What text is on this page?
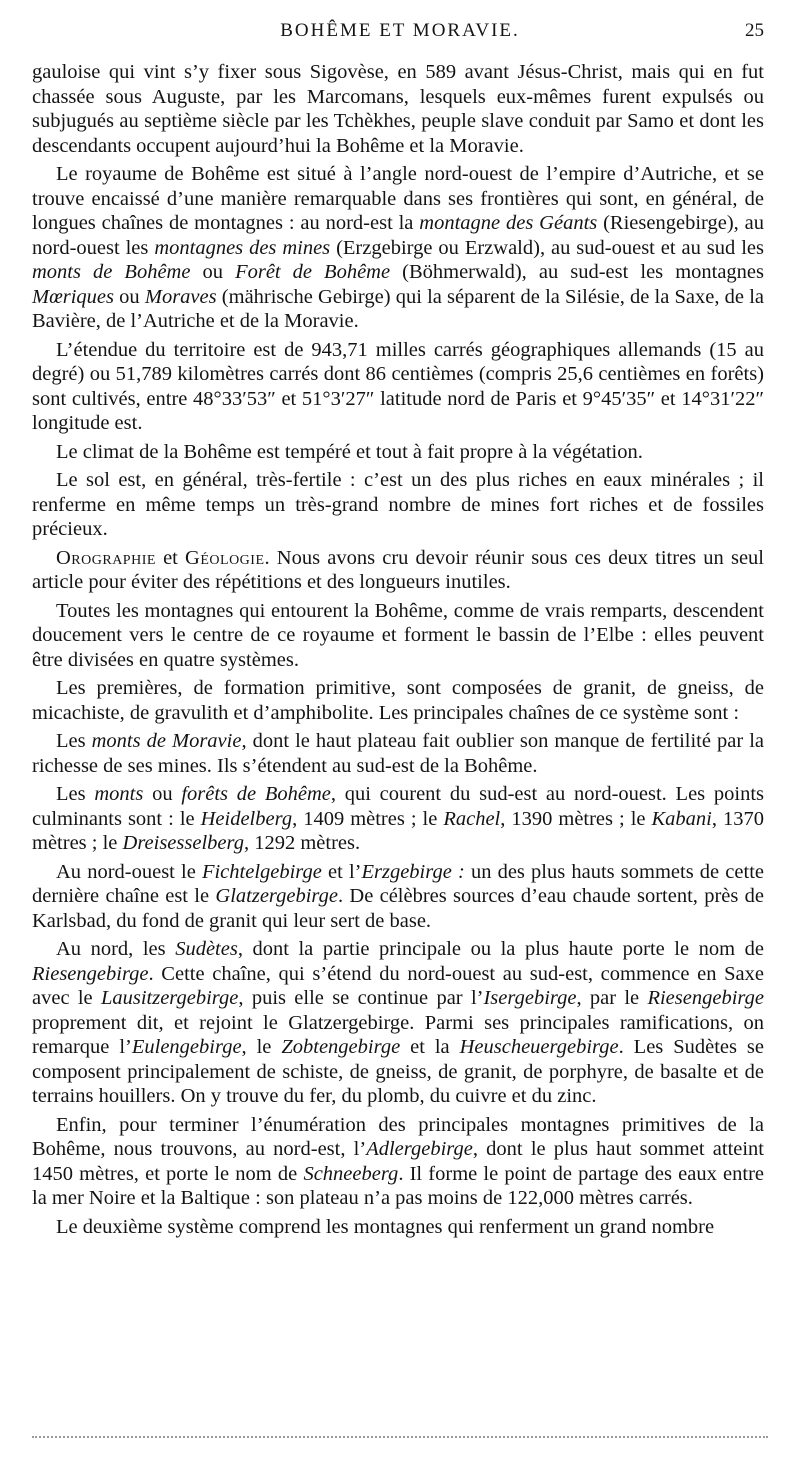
BOHÊME ET MORAVIE.	25

gauloise qui vint s’y fixer sous Sigovèse, en 589 avant Jésus-Christ, mais qui en fut chassée sous Auguste, par les Marcomans, lesquels eux-mêmes furent expulsés ou subjugués au septième siècle par les Tchèkhes, peuple slave conduit par Samo et dont les descendants occupent aujourd’hui la Bohême et la Moravie.

Le royaume de Bohême est situé à l’angle nord-ouest de l’empire d’Autriche, et se trouve encaissé d’une manière remarquable dans ses frontières qui sont, en général, de longues chaînes de montagnes : au nord-est la montagne des Géants (Riesengebirge), au nord-ouest les montagnes des mines (Erzgebirge ou Erzwald), au sud-ouest et au sud les monts de Bohême ou Forêt de Bohême (Böhmerwald), au sud-est les montagnes Mœriques ou Moraves (mährische Gebirge) qui la séparent de la Silésie, de la Saxe, de la Bavière, de l’Autriche et de la Moravie.

L’étendue du territoire est de 943,71 milles carrés géographiques allemands (15 au degré) ou 51,789 kilomètres carrés dont 86 centièmes (compris 25,6 centièmes en forêts) sont cultivés, entre 48°33′53″ et 51°3′27″ latitude nord de Paris et 9°45′35″ et 14°31′22″ longitude est.

Le climat de la Bohême est tempéré et tout à fait propre à la végétation.

Le sol est, en général, très-fertile : c’est un des plus riches en eaux minérales ; il renferme en même temps un très-grand nombre de mines fort riches et de fossiles précieux.

Orographie et Géologie. Nous avons cru devoir réunir sous ces deux titres un seul article pour éviter des répétitions et des longueurs inutiles.

Toutes les montagnes qui entourent la Bohême, comme de vrais remparts, descendent doucement vers le centre de ce royaume et forment le bassin de l’Elbe : elles peuvent être divisées en quatre systèmes.

Les premières, de formation primitive, sont composées de granit, de gneiss, de micachiste, de gravulith et d’amphibolite. Les principales chaînes de ce système sont :

Les monts de Moravie, dont le haut plateau fait oublier son manque de fertilité par la richesse de ses mines. Ils s’étendent au sud-est de la Bohême.

Les monts ou forêts de Bohême, qui courent du sud-est au nord-ouest. Les points culminants sont : le Heidelberg, 1409 mètres ; le Rachel, 1390 mètres ; le Kabani, 1370 mètres ; le Dreisesselberg, 1292 mètres.

Au nord-ouest le Fichtelgebirge et l’Erzgebirge : un des plus hauts sommets de cette dernière chaîne est le Glatzergebirge. De célèbres sources d’eau chaude sortent, près de Karlsbad, du fond de granit qui leur sert de base.

Au nord, les Sudètes, dont la partie principale ou la plus haute porte le nom de Riesengebirge. Cette chaîne, qui s’étend du nord-ouest au sud-est, commence en Saxe avec le Lausitzergebirge, puis elle se continue par l’Isergebirge, par le Riesengebirge proprement dit, et rejoint le Glatzergebirge. Parmi ses principales ramifications, on remarque l’Eulengebirge, le Zobtengebirge et la Heuscheuergebirge. Les Sudètes se composent principalement de schiste, de gneiss, de granit, de porphyre, de basalte et de terrains houillers. On y trouve du fer, du plomb, du cuivre et du zinc.

Enfin, pour terminer l’énumération des principales montagnes primitives de la Bohême, nous trouvons, au nord-est, l’Adlergebirge, dont le plus haut sommet atteint 1450 mètres, et porte le nom de Schneeberg. Il forme le point de partage des eaux entre la mer Noire et la Baltique : son plateau n’a pas moins de 122,000 mètres carrés.

Le deuxième système comprend les montagnes qui renferment un grand nombre
